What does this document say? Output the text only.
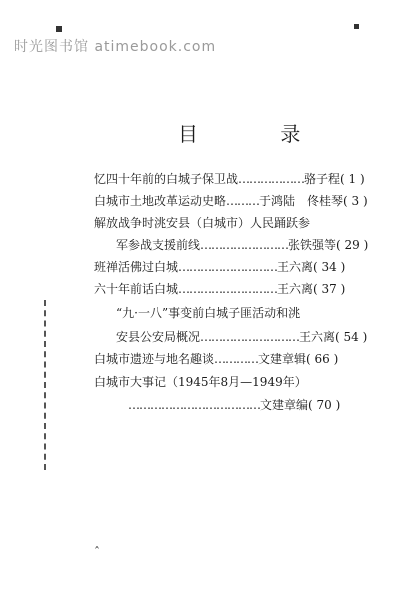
时光图书馆 atimebook.com
目 录
忆四十年前的白城子保卫战………………骆子程( 1 )
白城市土地改革运动史略………于鸿陆　佟桂琴( 3 )
解放战争时洮安县（白城市）人民踊跃参
军参战支援前线……………………张铁强等( 29 )
班禅活佛过白城………………………王六离( 34 )
六十年前话白城………………………王六离( 37 )
“九·一八”事变前白城子匪活动和洮
安县公安局概况………………………王六离( 54 )
白城市遗迹与地名趣谈…………文建章辑( 66 )
白城市大事记（1945年8月—1949年）
………………………………文建章编( 70 )
ˆ
